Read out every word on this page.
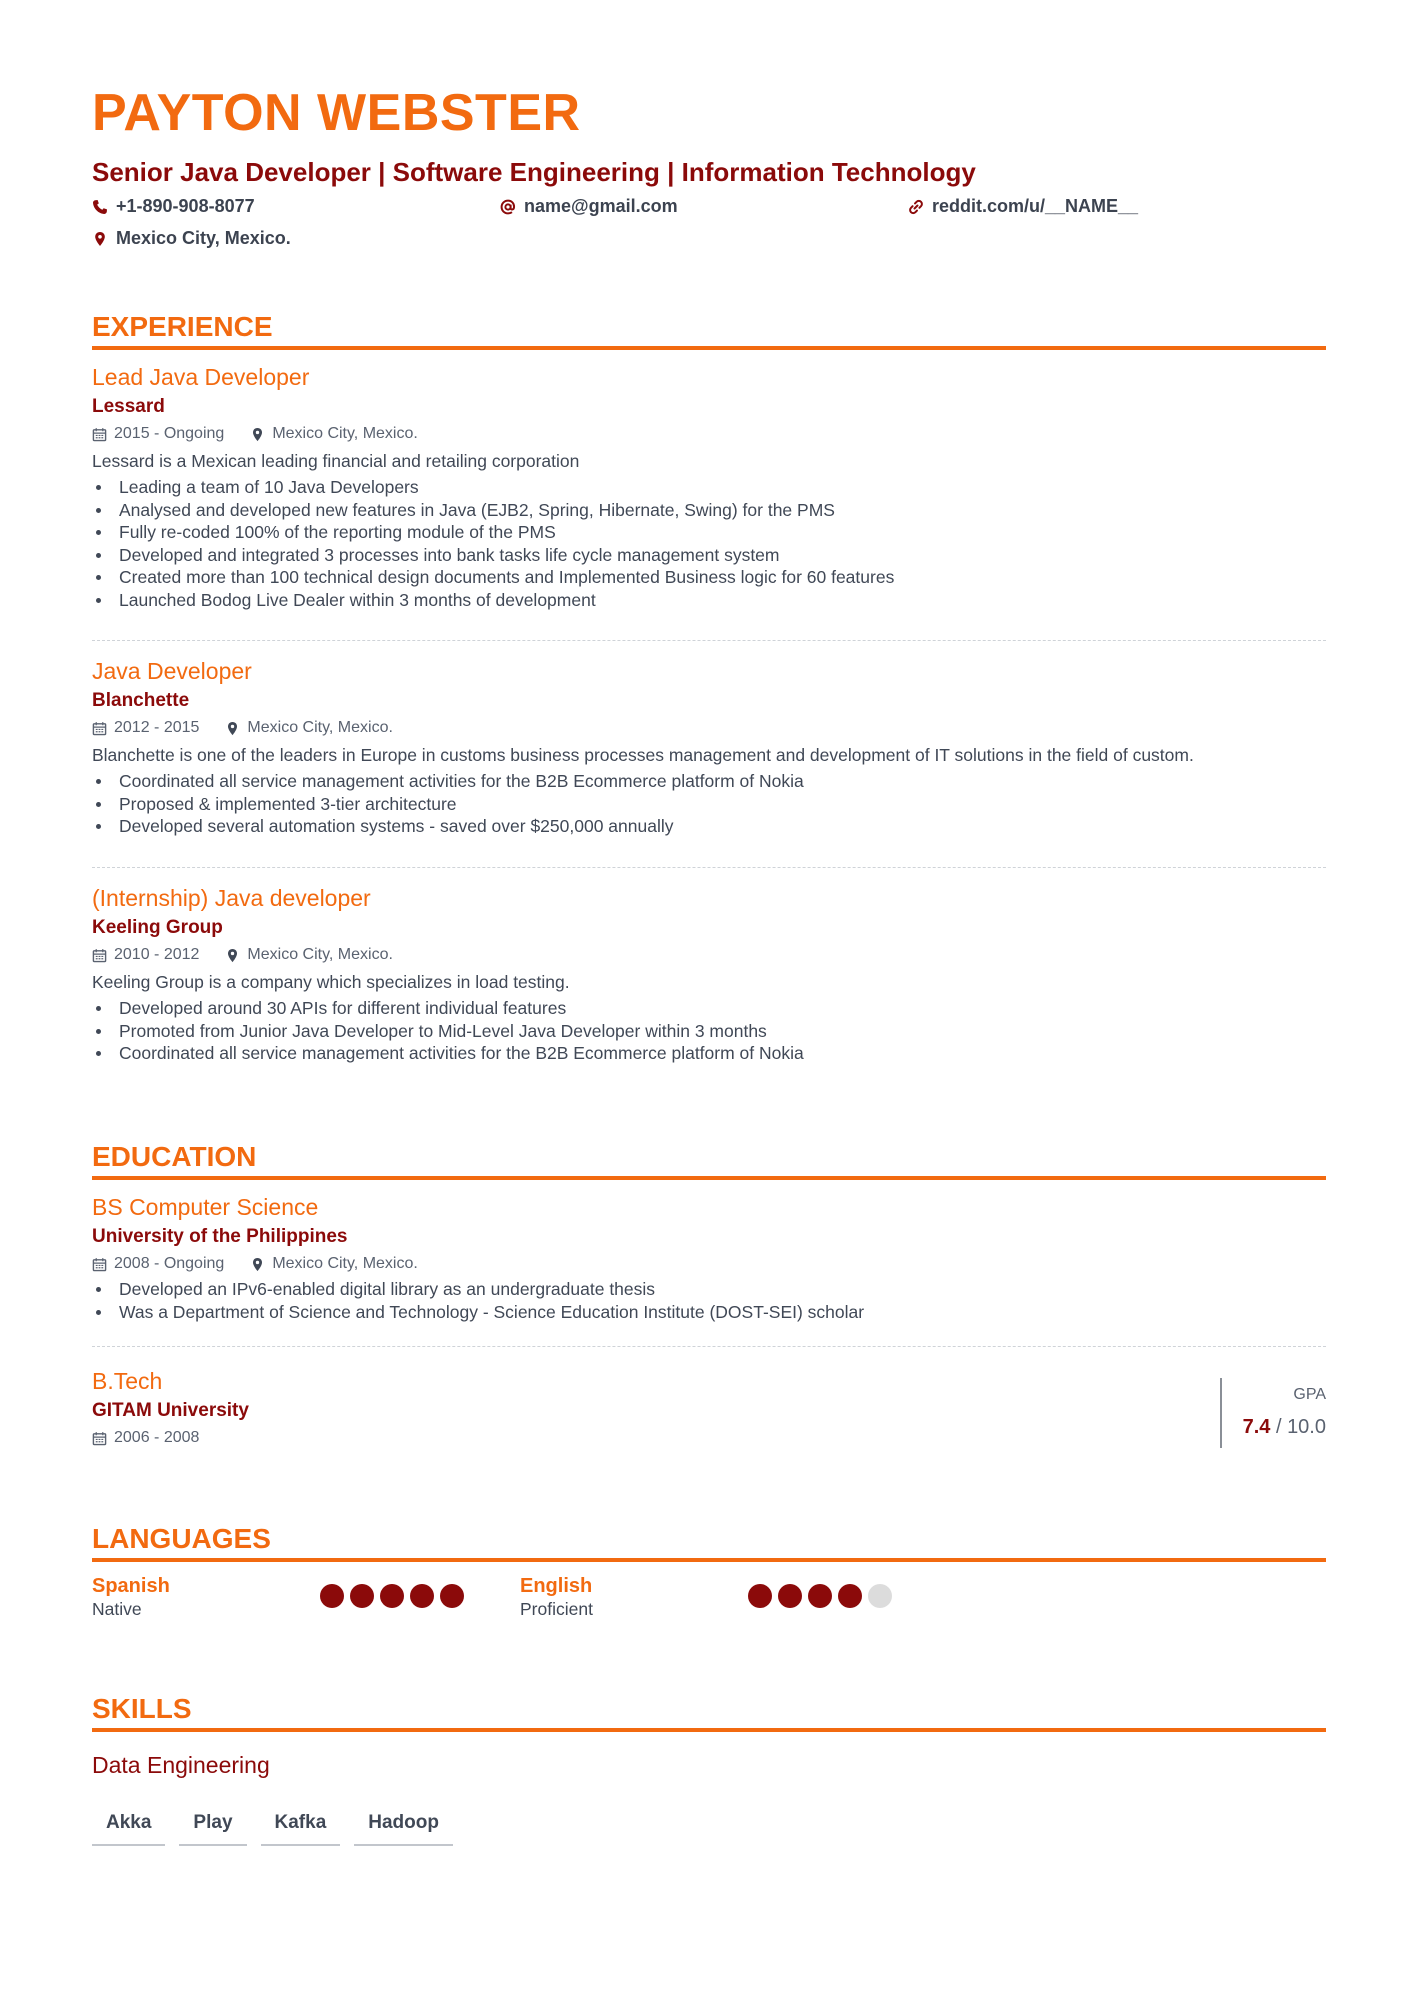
PAYTON WEBSTER
Senior Java Developer | Software Engineering | Information Technology
+1-890-908-8077	name@gmail.com	reddit.com/u/__NAME__
Mexico City, Mexico.
EXPERIENCE
Lead Java Developer
Lessard
2015 - Ongoing	Mexico City, Mexico.
Lessard is a Mexican leading financial and retailing corporation
Leading a team of 10 Java Developers
Analysed and developed new features in Java (EJB2, Spring, Hibernate, Swing) for the PMS
Fully re-coded 100% of the reporting module of the PMS
Developed and integrated 3 processes into bank tasks life cycle management system
Created more than 100 technical design documents and Implemented Business logic for 60 features
Launched Bodog Live Dealer within 3 months of development
Java Developer
Blanchette
2012 - 2015	Mexico City, Mexico.
Blanchette is one of the leaders in Europe in customs business processes management and development of IT solutions in the field of custom.
Coordinated all service management activities for the B2B Ecommerce platform of Nokia
Proposed & implemented 3-tier architecture
Developed several automation systems - saved over $250,000 annually
(Internship) Java developer
Keeling Group
2010 - 2012	Mexico City, Mexico.
Keeling Group is a company which specializes in load testing.
Developed around 30 APIs for different individual features
Promoted from Junior Java Developer to Mid-Level Java Developer within 3 months
Coordinated all service management activities for the B2B Ecommerce platform of Nokia
EDUCATION
BS Computer Science
University of the Philippines
2008 - Ongoing	Mexico City, Mexico.
Developed an IPv6-enabled digital library as an undergraduate thesis
Was a Department of Science and Technology - Science Education Institute (DOST-SEI) scholar
B.Tech
GITAM University
2006 - 2008
GPA
7.4 / 10.0
LANGUAGES
Spanish
Native
English
Proficient
SKILLS
Data Engineering
Akka	Play	Kafka	Hadoop
